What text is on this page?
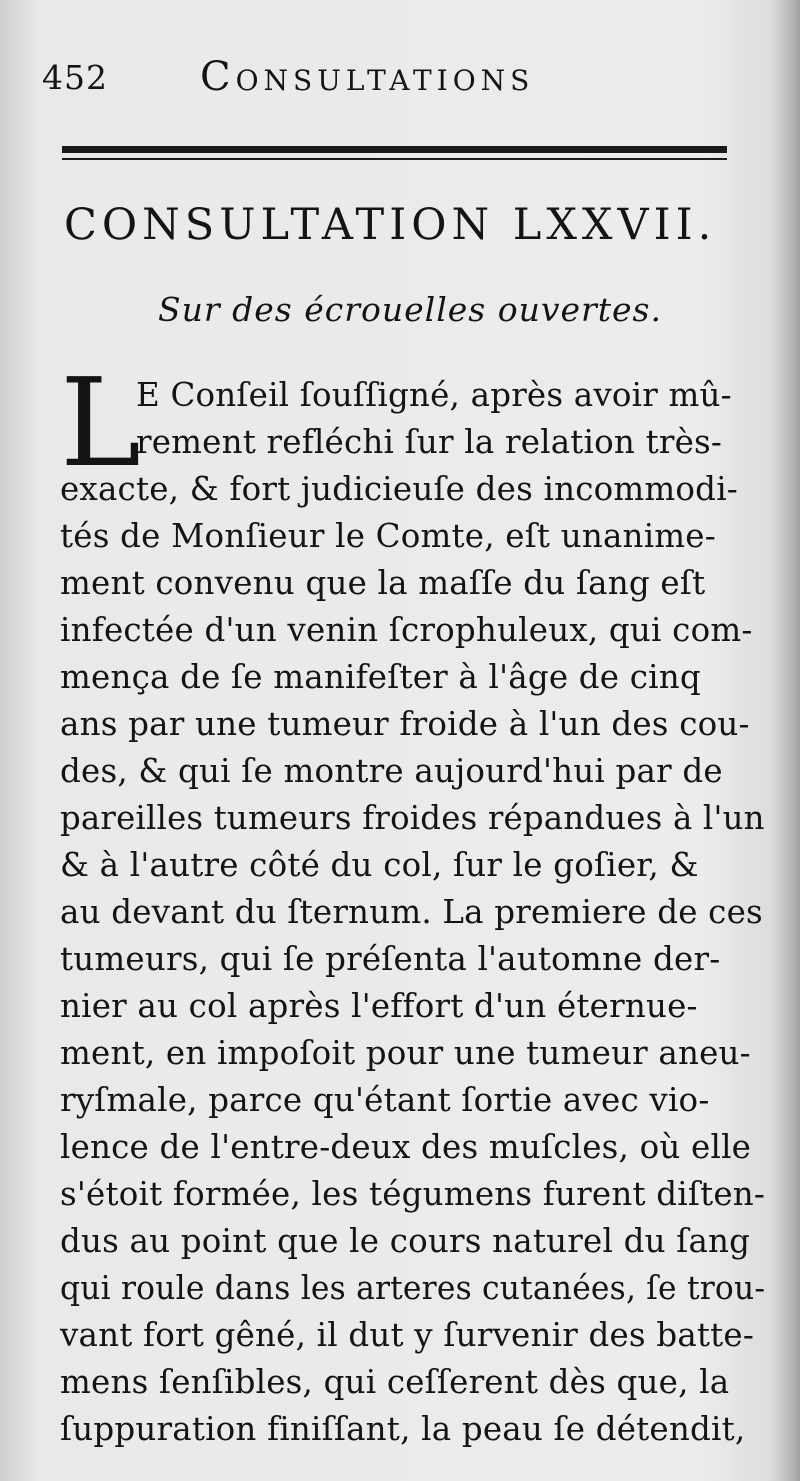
452 Consultations
CONSULTATION LXXVII.
Sur des écrouelles ouvertes.
L
E Conſeil ſouſſigné, après avoir mû-
rement refléchi ſur la relation très-
exacte, & fort judicieuſe des incommodi-
tés de Monſieur le Comte, eſt unanime-
ment convenu que la maſſe du ſang eſt
infectée d'un venin ſcrophuleux, qui com-
mença de ſe manifeſter à l'âge de cinq
ans par une tumeur froide à l'un des cou-
des, & qui ſe montre aujourd'hui par de
pareilles tumeurs froides répandues à l'un
& à l'autre côté du col, ſur le goſier, &
au devant du ſternum. La premiere de ces
tumeurs, qui ſe préſenta l'automne der-
nier au col après l'effort d'un éternue-
ment, en impoſoit pour une tumeur aneu-
ryſmale, parce qu'étant ſortie avec vio-
lence de l'entre-deux des muſcles, où elle
s'étoit formée, les tégumens furent diſten-
dus au point que le cours naturel du ſang
qui roule dans les arteres cutanées, ſe trou-
vant fort gêné, il dut y ſurvenir des batte-
mens ſenſibles, qui ceſſerent dès que, la
ſuppuration finiſſant, la peau ſe détendit,
